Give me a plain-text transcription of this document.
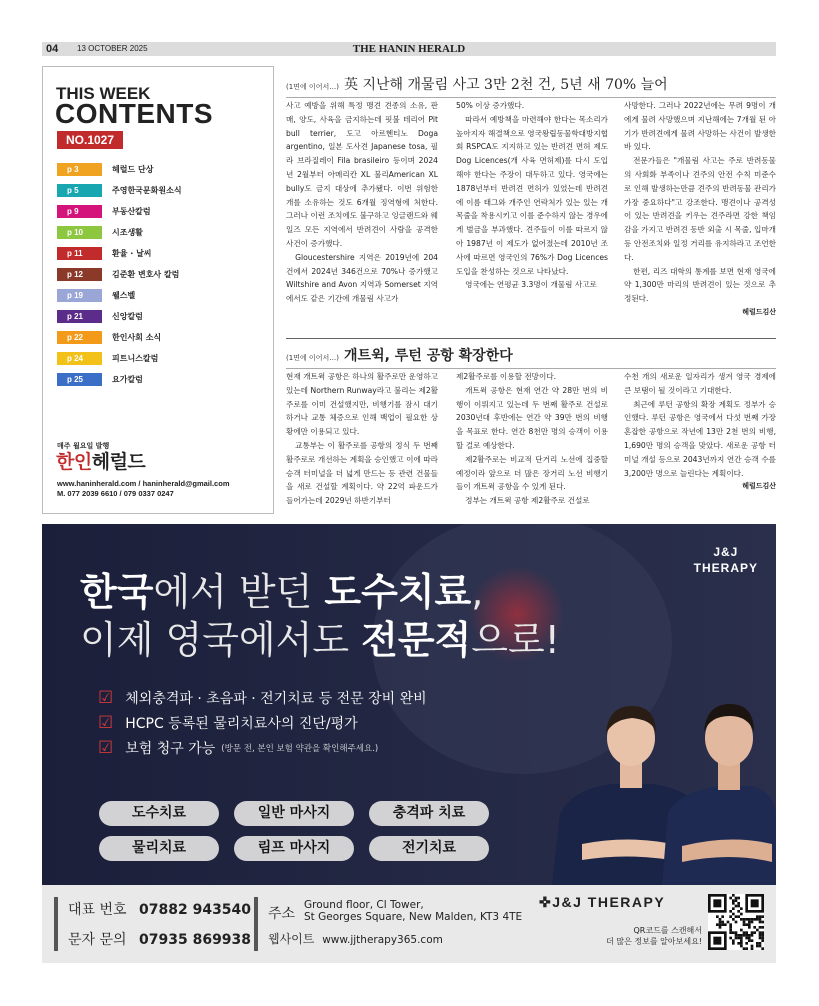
04 13 OCTOBER 2025	THE HANIN HERALD
THIS WEEK
CONTENTS
NO.1027
p 3	헤럴드 단상
p 5	주영한국문화원소식
p 9	부동산칼럼
p 10	시조생활
p 11	환율 · 날씨
p 12	김준환 변호사 칼럼
p 19	웰스벨
p 21	신앙칼럼
p 22	한인사회 소식
p 24	피트니스칼럼
p 25	요가칼럼
매주 월요일 발행
한인헤럴드
www.haninherald.com / haninherald@gmail.com
M. 077 2039 6610 / 079 0337 0247
(1면에 이어서…) 英 지난해 개물림 사고 3만 2천 건, 5년 새 70% 늘어

사고 예방을 위해 특정 맹견 견종의 소유, 판매, 양도, 사육을 금지하는데 핏불 테리어 Pit bull terrier, 도고 아르헨티노 Doga argentino, 일본 도사견 Japanese tosa, 필라 브라질레이 Fila brasileiro 등이며 2024년 2월부터 아메리칸 XL 불리American XL bully도 금지 대상에 추가됐다. 이번 위험한 개를 소유하는 것도 6개월 징역형에 처한다. 그러나 이런 조치에도 불구하고 잉글랜드와 웨일즈 모든 지역에서 반려견이 사람을 공격한 사건이 증가했다.

Gloucestershire 지역은 2019년에 204건에서 2024년 346건으로 70%나 증가했고 Wiltshire and Avon 지역과 Somerset 지역에서도 같은 기간에 개물림 사고가

50% 이상 증가했다.

따라서 예방책을 마련해야 한다는 목소리가 높아지자 해결책으로 영국왕립동물학대방지협회 RSPCA도 지지하고 있는 반려견 면허 제도 Dog Licences(개 사육 면허제)를 다시 도입해야 한다는 주장이 대두하고 있다. 영국에는 1878년부터 반려견 면허가 있었는데 반려견에 이름 태그와 개주인 연락처가 있는 있는 개 목줄을 착용시키고 이를 준수하지 않는 경우에게 벌금을 부과했다. 견주들이 이를 따르지 않아 1987년 이 제도가 없어졌는데 2010년 조사에 따르면 영국인의 76%가 Dog Licences 도입을 찬성하는 것으로 나타났다.

영국에는 연평균 3.3명이 개물림 사고로

사망한다. 그러나 2022년에는 무려 9명이 개에게 물려 사망했으며 지난해에는 7개월 된 아기가 반려견에게 물려 사망하는 사건이 발생한 바 있다.

전문가들은 "개물림 사고는 주로 반려동물의 사회화 부족이나 견주의 안전 수칙 미준수로 인해 발생하는만큼 견주의 반려동물 관리가 가장 중요하다"고 강조한다. 맹견이나 공격성이 있는 반려견을 키우는 견주라면 강한 책임감을 가지고 반려견 동반 외출 시 목줄, 입마개 등 안전조치와 일정 거리를 유지하라고 조언한다.

한편, 리즈 대학의 통계를 보면 현재 영국에 약 1,300만 마리의 반려견이 있는 것으로 추정된다.

헤럴드김산
(1면에 이어서…) 개트윅, 루턴 공항 확장한다

현재 개트윅 공항은 하나의 활주로만 운영하고 있는데 Northern Runway라고 불리는 제2활주로를 이미 건설했지만, 비행기를 잠시 대기하거나 교통 체증으로 인해 백업이 필요한 상황에만 이용되고 있다.

교통부는 이 활주로를 공항의 정식 두 번째 활주로로 개선하는 계획을 승인했고 이에 따라 승객 터미널을 더 넓게 만드는 등 관련 건물들을 새로 건설할 계획이다. 약 22억 파운드가 들어가는데 2029년 하반기부터

제2활주로를 이용할 전망이다.

개트윅 공항은 현재 연간 약 28만 번의 비행이 이뤄지고 있는데 두 번째 활주로 건설로 2030년대 후반에는 연간 약 39만 번의 비행을 목표로 한다. 연간 8천만 명의 승객이 이용할 걸로 예상한다.

제2활주로는 비교적 단거리 노선에 집중할 예정이라 앞으로 더 많은 장거리 노선 비행기들이 개트윅 공항을 수 있게 된다.

정부는 개트윅 공항 제2활주로 건설로

수천 개의 새로운 일자리가 생겨 영국 경제에 큰 보탬이 될 것이라고 기대한다.

최근에 루턴 공항의 확장 계획도 정부가 승인했다. 루턴 공항은 영국에서 다섯 번째 가장 혼잡한 공항으로 작년에 13만 2천 번의 비행, 1,690만 명의 승객을 맞았다. 새로운 공항 터미널 개설 등으로 2043년까지 연간 승객 수를 3,200만 명으로 늘린다는 계획이다.

헤럴드김산
J&J
THERAPY
한국에서 받던 도수치료,
이제 영국에서도 전문적으로!
☑ 체외충격파 · 초음파 · 전기치료 등 전문 장비 완비
☑ HCPC 등록된 물리치료사의 진단/평가
☑ 보험 청구 가능 (방문 전, 본인 보험 약관을 확인해주세요.)
도수치료	일반 마사지	충격파 치료
물리치료	림프 마사지	전기치료
대표 번호 07882 943540
문자 문의 07935 869938
주소
Ground floor, Cl Tower,
St Georges Square, New Malden, KT3 4TE
웹사이트 www.jjtherapy365.com
✜J&J THERAPY
QR코드를 스캔해서
더 많은 정보를 알아보세요!
